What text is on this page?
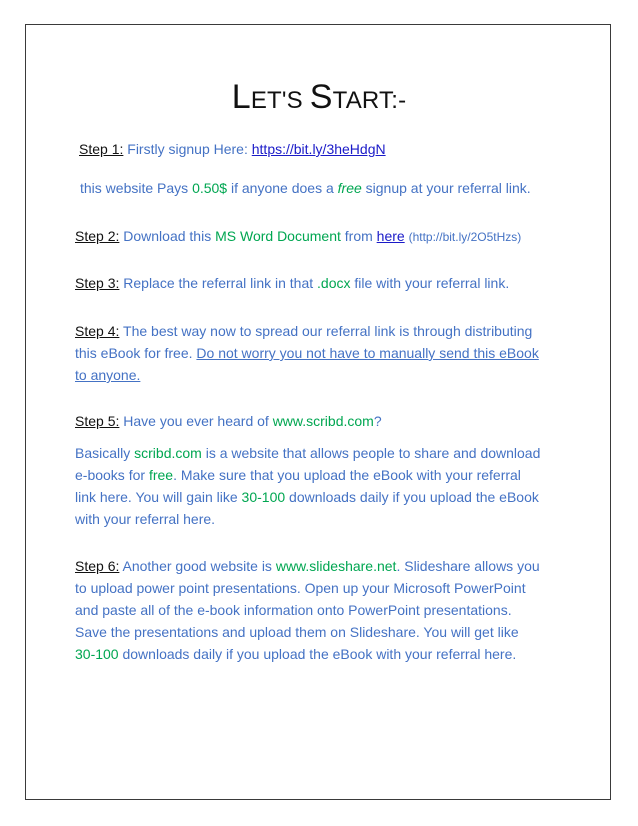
LET'S START:-
Step 1: Firstly signup Here: https://bit.ly/3heHdgN
this website Pays 0.50$ if anyone does a free signup at your referral link.
Step 2: Download this MS Word Document from here (http://bit.ly/2O5tHzs)
Step 3: Replace the referral link in that .docx file with your referral link.
Step 4: The best way now to spread our referral link is through distributing
this eBook for free. Do not worry you not have to manually send this eBook
to anyone.
Step 5: Have you ever heard of www.scribd.com?
Basically scribd.com is a website that allows people to share and download
e-books for free. Make sure that you upload the eBook with your referral
link here. You will gain like 30-100 downloads daily if you upload the eBook
with your referral here.
Step 6: Another good website is www.slideshare.net. Slideshare allows you
to upload power point presentations. Open up your Microsoft PowerPoint
and paste all of the e-book information onto PowerPoint presentations.
Save the presentations and upload them on Slideshare. You will get like
30-100 downloads daily if you upload the eBook with your referral here.
